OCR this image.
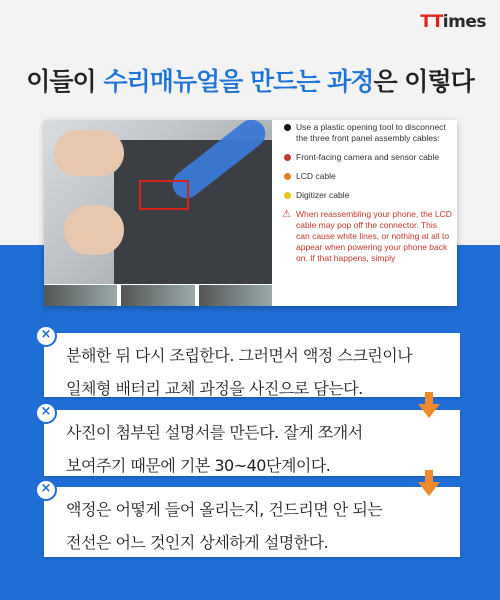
TTimes
이들이 수리매뉴얼을 만드는 과정은 이렇다
Use a plastic opening tool to disconnect the three front panel assembly cables:
Front-facing camera and sensor cable
LCD cable
Digitizer cable
⚠ When reassembling your phone, the LCD cable may pop off the connector. This can cause white lines, or nothing at all to appear when powering your phone back on. If that happens, simply
×
분해한 뒤 다시 조립한다. 그러면서 액정 스크린이나
일체형 배터리 교체 과정을 사진으로 담는다.
×
사진이 첨부된 설명서를 만든다. 잘게 쪼개서
보여주기 때문에 기본 30~40단계이다.
×
액정은 어떻게 들어 올리는지, 건드리면 안 되는
전선은 어느 것인지 상세하게 설명한다.
